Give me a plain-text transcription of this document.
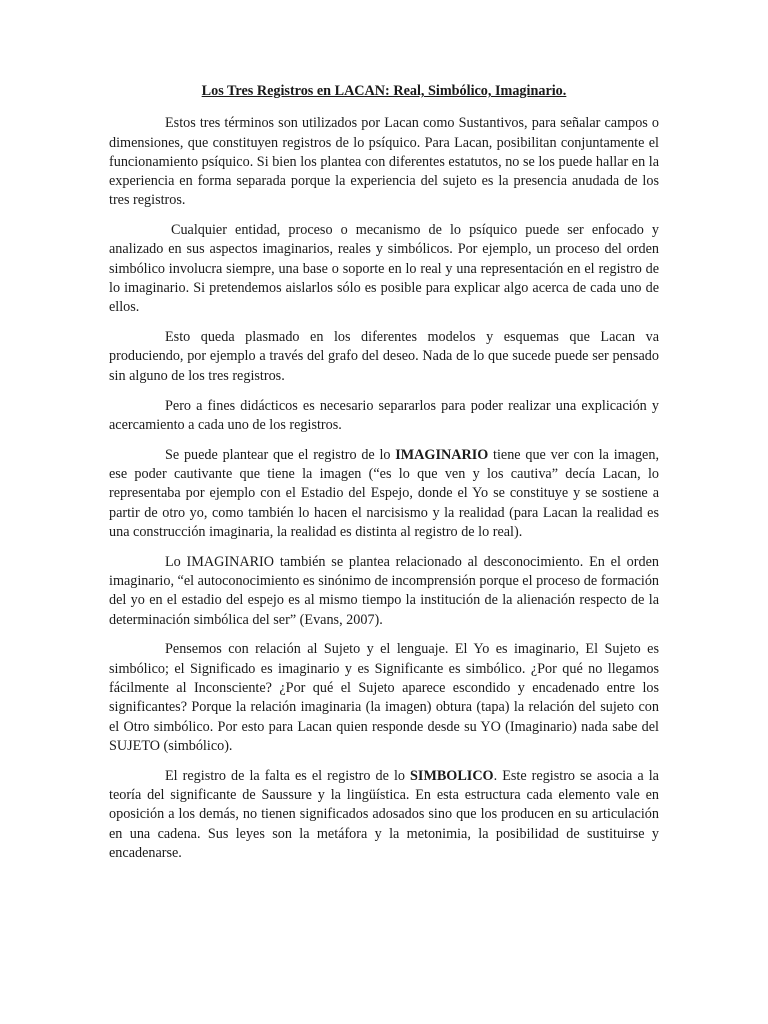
Los Tres Registros en LACAN: Real, Simbólico, Imaginario.

Estos tres términos son utilizados por Lacan como Sustantivos, para señalar campos o dimensiones, que constituyen registros de lo psíquico. Para Lacan, posibilitan conjuntamente el funcionamiento psíquico. Si bien los plantea con diferentes estatutos, no se los puede hallar en la experiencia en forma separada porque la experiencia del sujeto es la presencia anudada de los tres registros.

Cualquier entidad, proceso o mecanismo de lo psíquico puede ser enfocado y analizado en sus aspectos imaginarios, reales y simbólicos. Por ejemplo, un proceso del orden simbólico involucra siempre, una base o soporte en lo real y una representación en el registro de lo imaginario. Si pretendemos aislarlos sólo es posible para explicar algo acerca de cada uno de ellos.

Esto queda plasmado en los diferentes modelos y esquemas que Lacan va produciendo, por ejemplo a través del grafo del deseo. Nada de lo que sucede puede ser pensado sin alguno de los tres registros.

Pero a fines didácticos es necesario separarlos para poder realizar una explicación y acercamiento a cada uno de los registros.

Se puede plantear que el registro de lo IMAGINARIO tiene que ver con la imagen, ese poder cautivante que tiene la imagen (“es lo que ven y los cautiva” decía Lacan, lo representaba por ejemplo con el Estadio del Espejo, donde el Yo se constituye y se sostiene a partir de otro yo, como también lo hacen el narcisismo y la realidad (para Lacan la realidad es una construcción imaginaria, la realidad es distinta al registro de lo real).

Lo IMAGINARIO también se plantea relacionado al desconocimiento. En el orden imaginario, “el autoconocimiento es sinónimo de incomprensión porque el proceso de formación del yo en el estadio del espejo es al mismo tiempo la institución de la alienación respecto de la determinación simbólica del ser” (Evans, 2007).

Pensemos con relación al Sujeto y el lenguaje. El Yo es imaginario, El Sujeto es simbólico; el Significado es imaginario y es Significante es simbólico. ¿Por qué no llegamos fácilmente al Inconsciente? ¿Por qué el Sujeto aparece escondido y encadenado entre los significantes? Porque la relación imaginaria (la imagen) obtura (tapa) la relación del sujeto con el Otro simbólico. Por esto para Lacan quien responde desde su YO (Imaginario) nada sabe del SUJETO (simbólico).

El registro de la falta es el registro de lo SIMBOLICO. Este registro se asocia a la teoría del significante de Saussure y la lingüística. En esta estructura cada elemento vale en oposición a los demás, no tienen significados adosados sino que los producen en su articulación en una cadena. Sus leyes son la metáfora y la metonimia, la posibilidad de sustituirse y encadenarse.
